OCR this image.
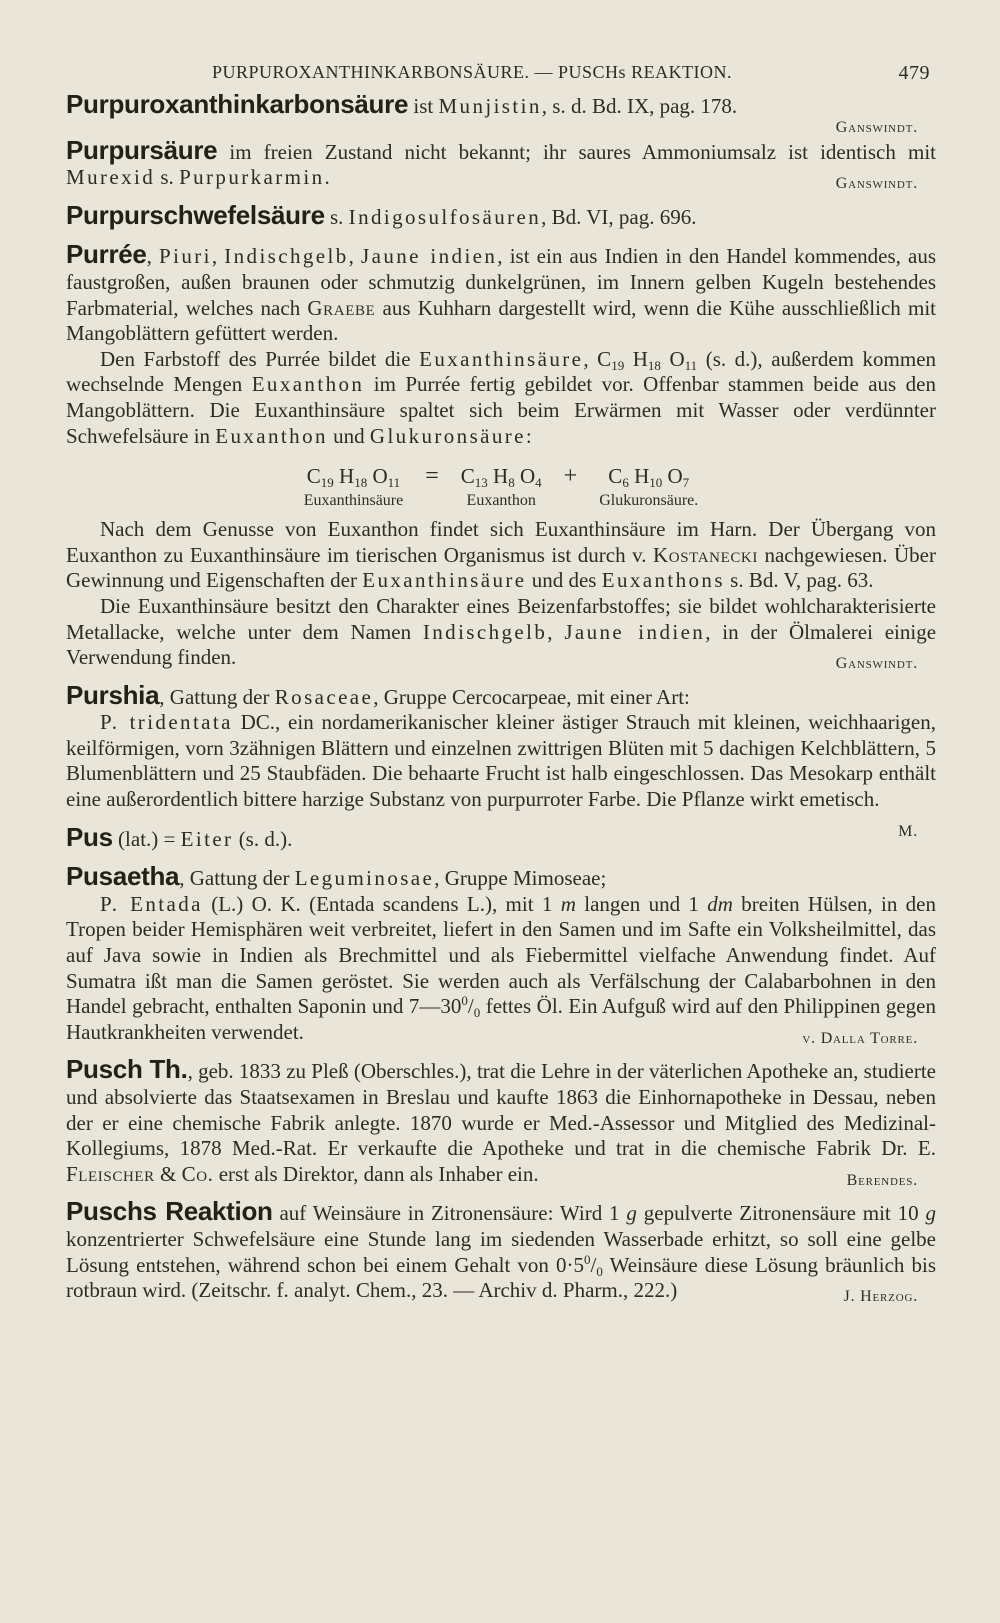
PURPUROXANTHINKARBONSÄURE. — PUSCHs REAKTION.	479

Purpuroxanthinkarbonsäure ist Munjistin, s. d. Bd. IX, pag. 178.

Ganswindt.

Purpursäure im freien Zustand nicht bekannt; ihr saures Ammoniumsalz ist identisch mit Murexid s. Purpurkarmin.	Ganswindt.

Purpurschwefelsäure s. Indigosulfosäuren, Bd. VI, pag. 696.

Purrée, Piuri, Indischgelb, Jaune indien, ist ein aus Indien in den Handel kommendes, aus faustgroßen, außen braunen oder schmutzig dunkelgrünen, im Innern gelben Kugeln bestehendes Farbmaterial, welches nach Graebe aus Kuhharn dargestellt wird, wenn die Kühe ausschließlich mit Mangoblättern gefüttert werden.

Den Farbstoff des Purrée bildet die Euxanthinsäure, $C_{19}$ $H_{18}$ $O_{11}$ (s. d.), außerdem kommen wechselnde Mengen Euxanthon im Purrée fertig gebildet vor. Offenbar stammen beide aus den Mangoblättern. Die Euxanthinsäure spaltet sich beim Erwärmen mit Wasser oder verdünnter Schwefelsäure in Euxanthon und Glukuronsäure:

$C_{19}$ $H_{18}$ $O_{11}$
Euxanthinsäure
=	$C_{13}$ $H_8$ $O_4$
Euxanthon
+	$C_6$ $H_{10}$ $O_7$
Glukuronsäure.

Nach dem Genusse von Euxanthon findet sich Euxanthinsäure im Harn. Der Übergang von Euxanthon zu Euxanthinsäure im tierischen Organismus ist durch v. Kostanecki nachgewiesen. Über Gewinnung und Eigenschaften der Euxanthinsäure und des Euxanthons s. Bd. V, pag. 63.

Die Euxanthinsäure besitzt den Charakter eines Beizenfarbstoffes; sie bildet wohlcharakterisierte Metallacke, welche unter dem Namen Indischgelb, Jaune indien, in der Ölmalerei einige Verwendung finden.	Ganswindt.

Purshia, Gattung der Rosaceae, Gruppe Cercocarpeae, mit einer Art:

P. tridentata DC., ein nordamerikanischer kleiner ästiger Strauch mit kleinen, weichhaarigen, keilförmigen, vorn 3zähnigen Blättern und einzelnen zwittrigen Blüten mit 5 dachigen Kelchblättern, 5 Blumenblättern und 25 Staubfäden. Die behaarte Frucht ist halb eingeschlossen. Das Mesokarp enthält eine außerordentlich bittere harzige Substanz von purpurroter Farbe. Die Pflanze wirkt emetisch.
M.

Pus (lat.) = Eiter (s. d.).

Pusaetha, Gattung der Leguminosae, Gruppe Mimoseae;

P. Entada (L.) O. K. (Entada scandens L.), mit 1 m langen und 1 dm breiten Hülsen, in den Tropen beider Hemisphären weit verbreitet, liefert in den Samen und im Safte ein Volksheilmittel, das auf Java sowie in Indien als Brechmittel und als Fiebermittel vielfache Anwendung findet. Auf Sumatra ißt man die Samen geröstet. Sie werden auch als Verfälschung der Calabarbohnen in den Handel gebracht, enthalten Saponin und $7—30^0/_0$ fettes Öl. Ein Aufguß wird auf den Philippinen gegen Hautkrankheiten verwendet.	v. Dalla Torre.

Pusch Th., geb. 1833 zu Pleß (Oberschles.), trat die Lehre in der väterlichen Apotheke an, studierte und absolvierte das Staatsexamen in Breslau und kaufte 1863 die Einhornapotheke in Dessau, neben der er eine chemische Fabrik anlegte. 1870 wurde er Med.-Assessor und Mitglied des Medizinal-Kollegiums, 1878 Med.-Rat. Er verkaufte die Apotheke und trat in die chemische Fabrik Dr. E. Fleischer & Co. erst als Direktor, dann als Inhaber ein.	Berendes.

Puschs Reaktion auf Weinsäure in Zitronensäure: Wird 1 g gepulverte Zitronensäure mit 10 g konzentrierter Schwefelsäure eine Stunde lang im siedenden Wasserbade erhitzt, so soll eine gelbe Lösung entstehen, während schon bei einem Gehalt von $0\cdot 5^0/_0$ Weinsäure diese Lösung bräunlich bis rotbraun wird. (Zeitschr. f. analyt. Chem., 23. — Archiv d. Pharm., 222.)	J. Herzog.
